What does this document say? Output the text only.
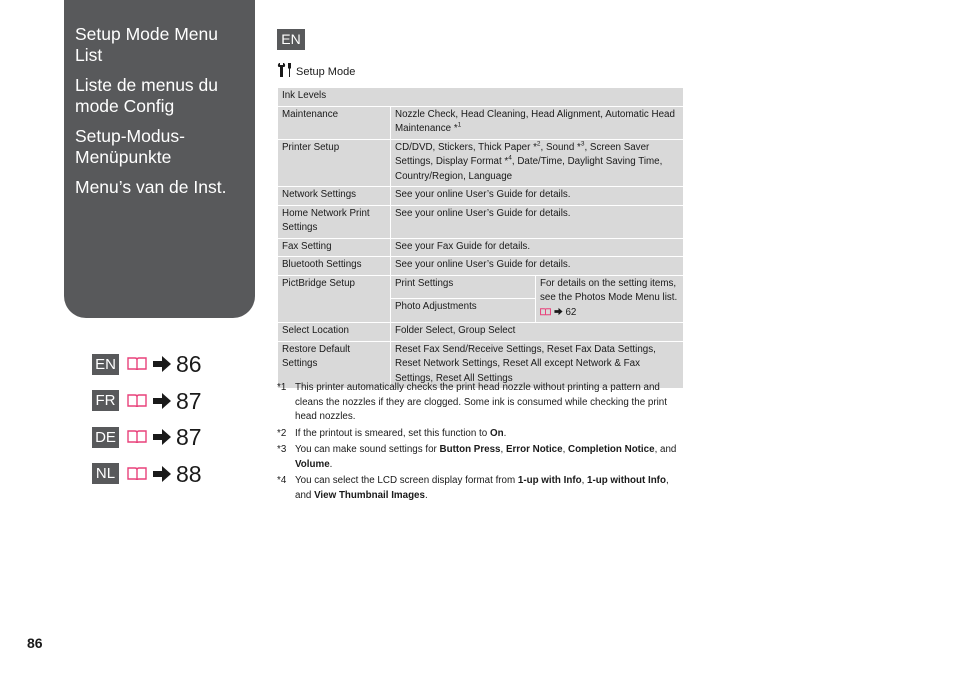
Setup Mode Menu List
Liste de menus du mode Config
Setup-Modus-Menüpunkte
Menu’s van de Inst.
EN	86
FR	87
DE	87
NL	88
EN
Setup Mode
Ink Levels		
Maintenance	Nozzle Check, Head Cleaning, Head Alignment, Automatic Head Maintenance *$^1$
Printer Setup	CD/DVD, Stickers, Thick Paper *$^2$, Sound *$^3$, Screen Saver Settings, Display Format *$^4$, Date/Time, Daylight Saving Time, Country/Region, Language	
Network Settings	See your online User’s Guide for details.	
Home Network Print Settings	See your online User’s Guide for details.	
Fax Setting	See your Fax Guide for details.	
Bluetooth Settings	See your online User’s Guide for details.	
PictBridge Setup	Print Settings	For details on the setting items, see the Photos Mode Menu list.   62
	Photo Adjustments	
Select Location	Folder Select, Group Select	
Restore Default Settings	Reset Fax Send/Receive Settings, Reset Fax Data Settings, Reset Network Settings, Reset All except Network & Fax Settings, Reset All Settings	
*1 This printer automatically checks the print head nozzle without printing a pattern and cleans the nozzles if they are clogged. Some ink is consumed while checking the print head nozzles.
*2 If the printout is smeared, set this function to On.
*3 You can make sound settings for Button Press, Error Notice, Completion Notice, and Volume.
*4 You can select the LCD screen display format from 1-up with Info, 1-up without Info, and View Thumbnail Images.
86
